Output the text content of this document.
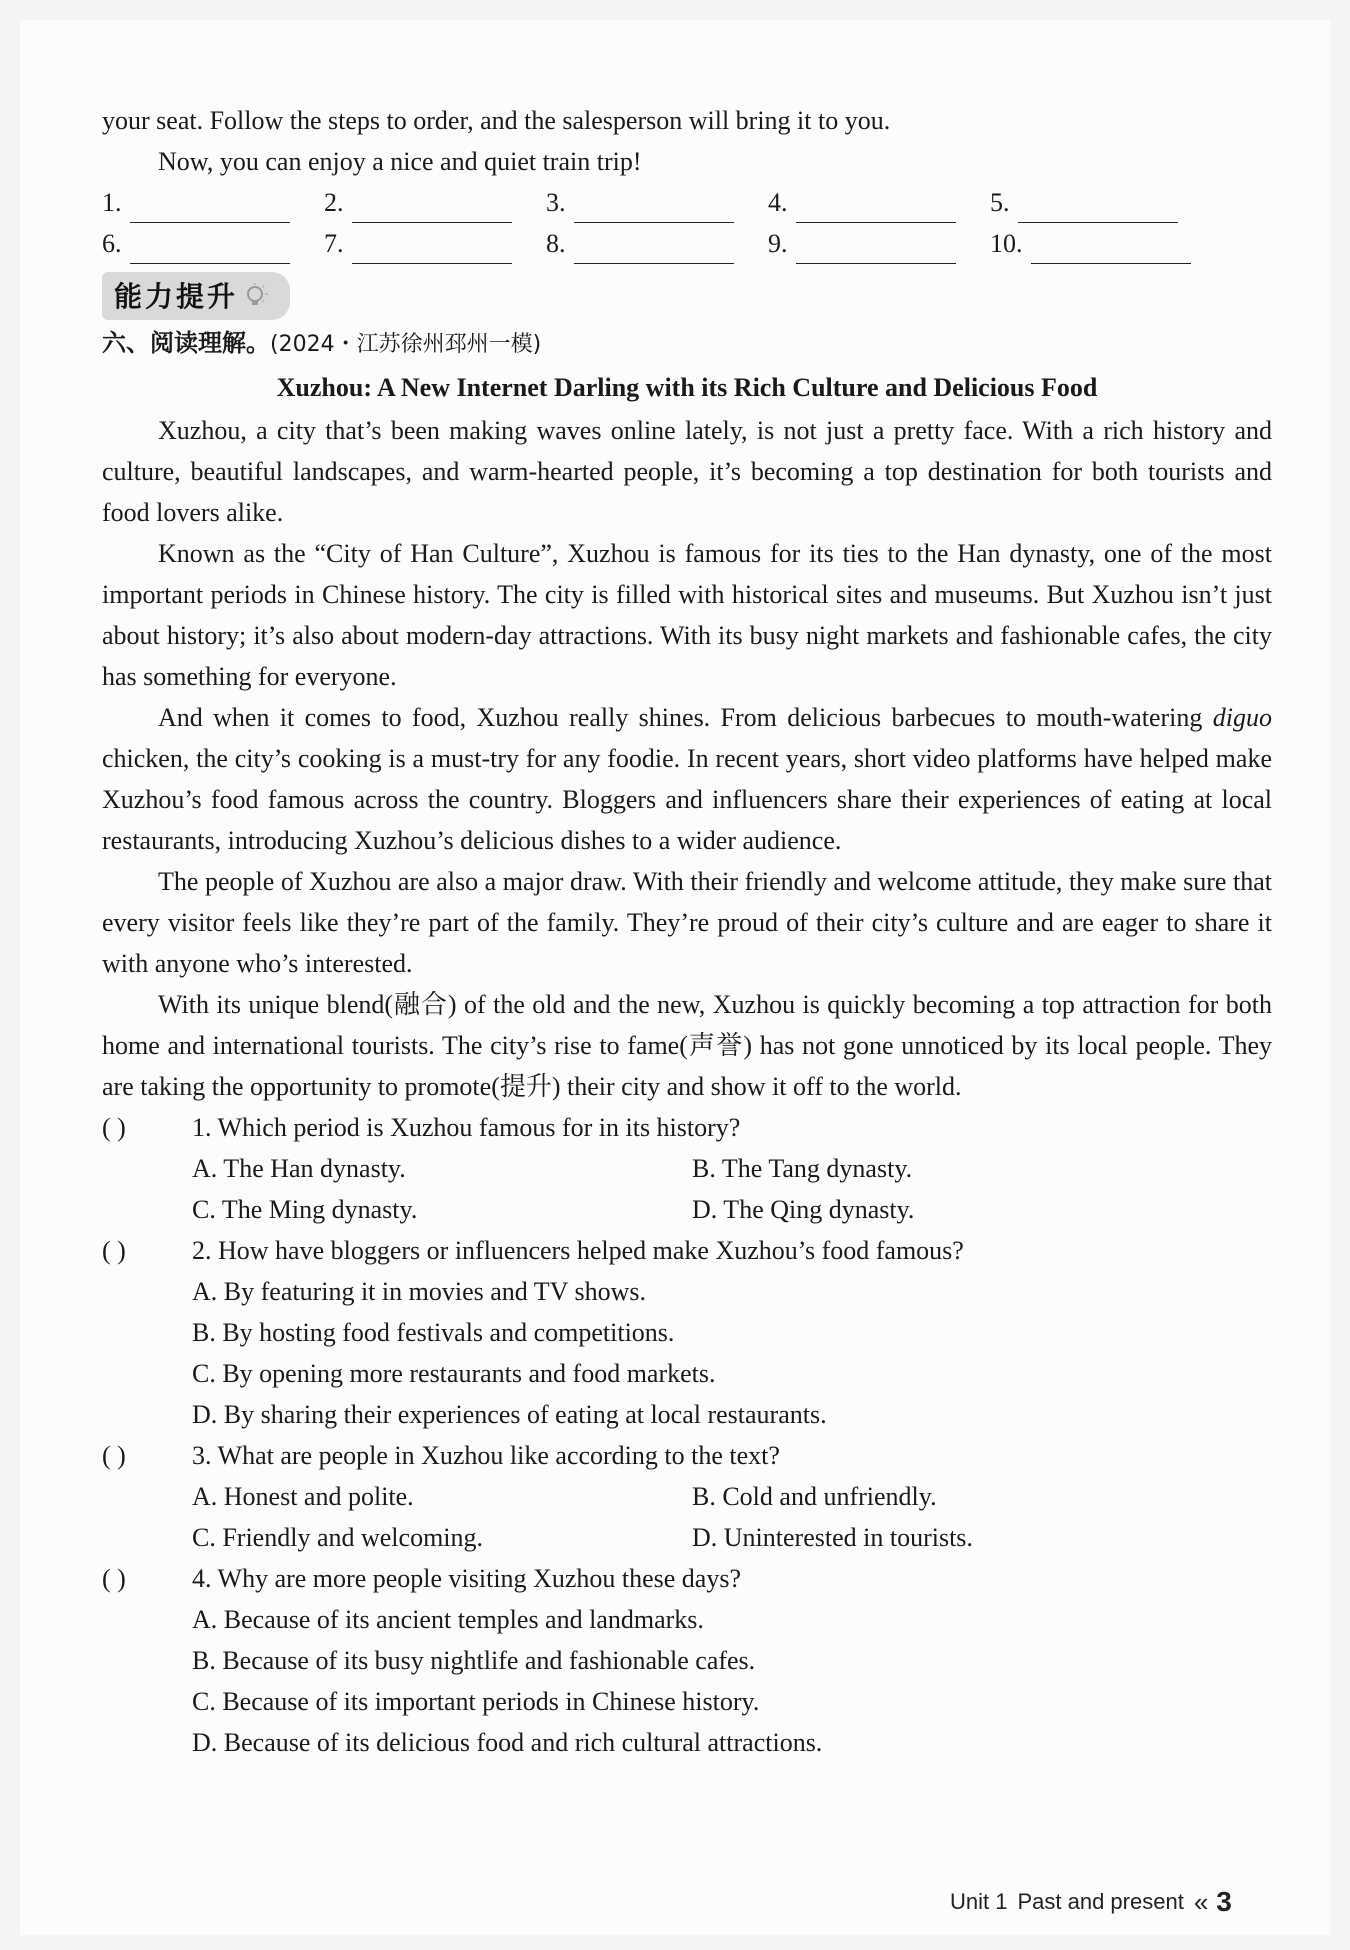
your seat. Follow the steps to order, and the salesperson will bring it to you.

Now, you can enjoy a nice and quiet train trip!

1.	2.	3.	4.	5.
6.	7.	8.	9.	10.
能力提升

六、阅读理解。(2024・江苏徐州邳州一模)

Xuzhou: A New Internet Darling with its Rich Culture and Delicious Food

Xuzhou, a city that’s been making waves online lately, is not just a pretty face. With a rich history and culture, beautiful landscapes, and warm-hearted people, it’s becoming a top destination for both tourists and food lovers alike.

Known as the “City of Han Culture”, Xuzhou is famous for its ties to the Han dynasty, one of the most important periods in Chinese history. The city is filled with historical sites and museums. But Xuzhou isn’t just about history; it’s also about modern-day attractions. With its busy night markets and fashionable cafes, the city has something for everyone.

And when it comes to food, Xuzhou really shines. From delicious barbecues to mouth-watering diguo chicken, the city’s cooking is a must-try for any foodie. In recent years, short video platforms have helped make Xuzhou’s food famous across the country. Bloggers and influencers share their experiences of eating at local restaurants, introducing Xuzhou’s delicious dishes to a wider audience.

The people of Xuzhou are also a major draw. With their friendly and welcome attitude, they make sure that every visitor feels like they’re part of the family. They’re proud of their city’s culture and are eager to share it with anyone who’s interested.

With its unique blend(融合) of the old and the new, Xuzhou is quickly becoming a top attraction for both home and international tourists. The city’s rise to fame(声誉) has not gone unnoticed by its local people. They are taking the opportunity to promote(提升) their city and show it off to the world.

( )	1. Which period is Xuzhou famous for in its history?
A. The Han dynasty.	B. The Tang dynasty.
C. The Ming dynasty.	D. The Qing dynasty.
( )	2. How have bloggers or influencers helped make Xuzhou’s food famous?
A. By featuring it in movies and TV shows.
B. By hosting food festivals and competitions.
C. By opening more restaurants and food markets.
D. By sharing their experiences of eating at local restaurants.
( )	3. What are people in Xuzhou like according to the text?
A. Honest and polite.	B. Cold and unfriendly.
C. Friendly and welcoming.	D. Uninterested in tourists.
( )	4. Why are more people visiting Xuzhou these days?
A. Because of its ancient temples and landmarks.
B. Because of its busy nightlife and fashionable cafes.
C. Because of its important periods in Chinese history.
D. Because of its delicious food and rich cultural attractions.
Unit 1 Past and present « 3
